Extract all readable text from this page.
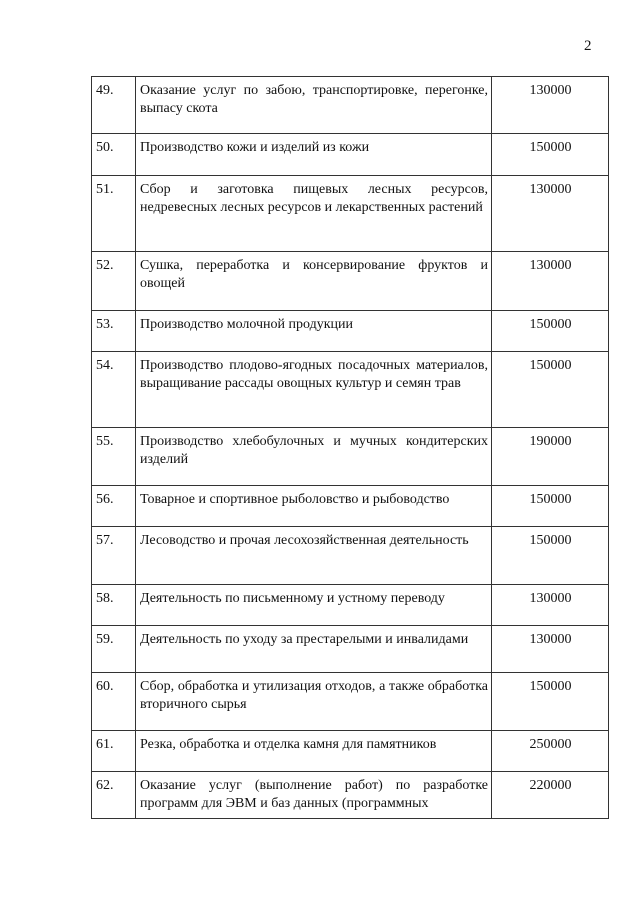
2
49.	Оказание услуг по забою, транспортировке, перегонке, выпасу скота	130000
50.	Производство кожи и изделий из кожи	150000
51.	Сбор и заготовка пищевых лесных ресурсов, недревесных лесных ресурсов и лекарственных растений	130000
52.	Сушка, переработка и консервирование фруктов и овощей	130000
53.	Производство молочной продукции	150000
54.	Производство плодово-ягодных посадочных материалов, выращивание рассады овощных культур и семян трав	150000
55.	Производство хлебобулочных и мучных кондитерских изделий	190000
56.	Товарное и спортивное рыболовство и рыбоводство	150000
57.	Лесоводство и прочая лесохозяйственная деятельность	150000
58.	Деятельность по письменному и устному переводу	130000
59.	Деятельность по уходу за престарелыми и инвалидами	130000
60.	Сбор, обработка и утилизация отходов, а также обработка вторичного сырья	150000
61.	Резка, обработка и отделка камня для памятников	250000
62.	Оказание услуг (выполнение работ) по разработке программ для ЭВМ и баз данных (программных	220000
